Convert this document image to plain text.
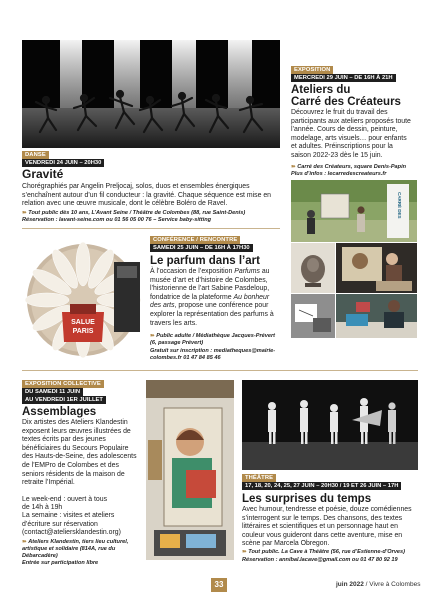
DANSE
VENDREDI 24 JUIN – 20H30
Gravité
Chorégraphiés par Angelin Preljocaj, solos, duos et ensembles énergiques s’enchaînent autour d’un fil conducteur : la gravité. Chaque séquence est mise en relation avec une œuvre musicale, dont le célèbre Boléro de Ravel.
➽ Tout public dès 10 ans, L’Avant Seine / Théâtre de Colombes (88, rue Saint-Denis)
Réservation : lavant-seine.com ou 01 56 05 00 76 – Service baby-sitting
EXPOSITION
MERCREDI 29 JUIN – DE 16H À 21H
Ateliers du
Carré des Créateurs
Découvrez le fruit du travail des participants aux ateliers proposés toute l’année. Cours de dessin, peinture, modelage, arts visuels… pour enfants et adultes. Préinscriptions pour la saison 2022-23 dès le 15 juin.
➽ Carré des Créateurs, square Denis-Papin
Plus d’infos : lecarredescreateurs.fr
CARRÉ DES
SALUE
PARIS
CONFÉRENCE / RENCONTRE
SAMEDI 25 JUIN – DE 16H À 17H30
Le parfum dans l’art
À l’occasion de l’exposition Parfums au musée d’art et d’histoire de Colombes, l’historienne de l’art Sabine Pasdeloup, fondatrice de la plateforme Au bonheur des arts, propose une conférence pour explorer la représentation des parfums à travers les arts.
➽ Public adulte / Médiathèque Jacques-Prévert (6, passage Prévert)
Gratuit sur inscription : mediatheques@mairie-colombes.fr 01 47 84 85 46
EXPOSITION COLLECTIVE
DU SAMEDI 11 JUIN
AU VENDREDI 1ER JUILLET
Assemblages
Dix artistes des Ateliers Klandestin exposent leurs œuvres illustrées de textes écrits par des jeunes bénéficiaires du Secours Populaire des Hauts-de-Seine, des adolescents de l’EMPro de Colombes et des seniors résidents de la maison de retraite l’Impérial.
Le week-end : ouvert à tous
de 14h à 19h
La semaine : visites et ateliers d’écriture sur réservation (contact@ateliersklandestin.org)
➽ Ateliers Klandestin, tiers lieu culturel, artistique et solidaire (814A, rue du Débarcadère)
Entrée sur participation libre
THÉÂTRE
17, 18, 20, 24, 25, 27 JUIN – 20H30 / 19 ET 26 JUIN – 17H
Les surprises du temps
Avec humour, tendresse et poésie, douze comédiennes s’interrogent sur le temps. Des chansons, des textes littéraires et scientifiques et un personnage haut en couleur vous guideront dans cette aventure, mise en scène par Marcela Obregon.
➽ Tout public. La Cave à Théâtre (56, rue d’Estienne-d’Orves)
Réservation : annibal.lacave@gmail.com ou 01 47 80 92 19
33	juin 2022 / Vivre à Colombes
